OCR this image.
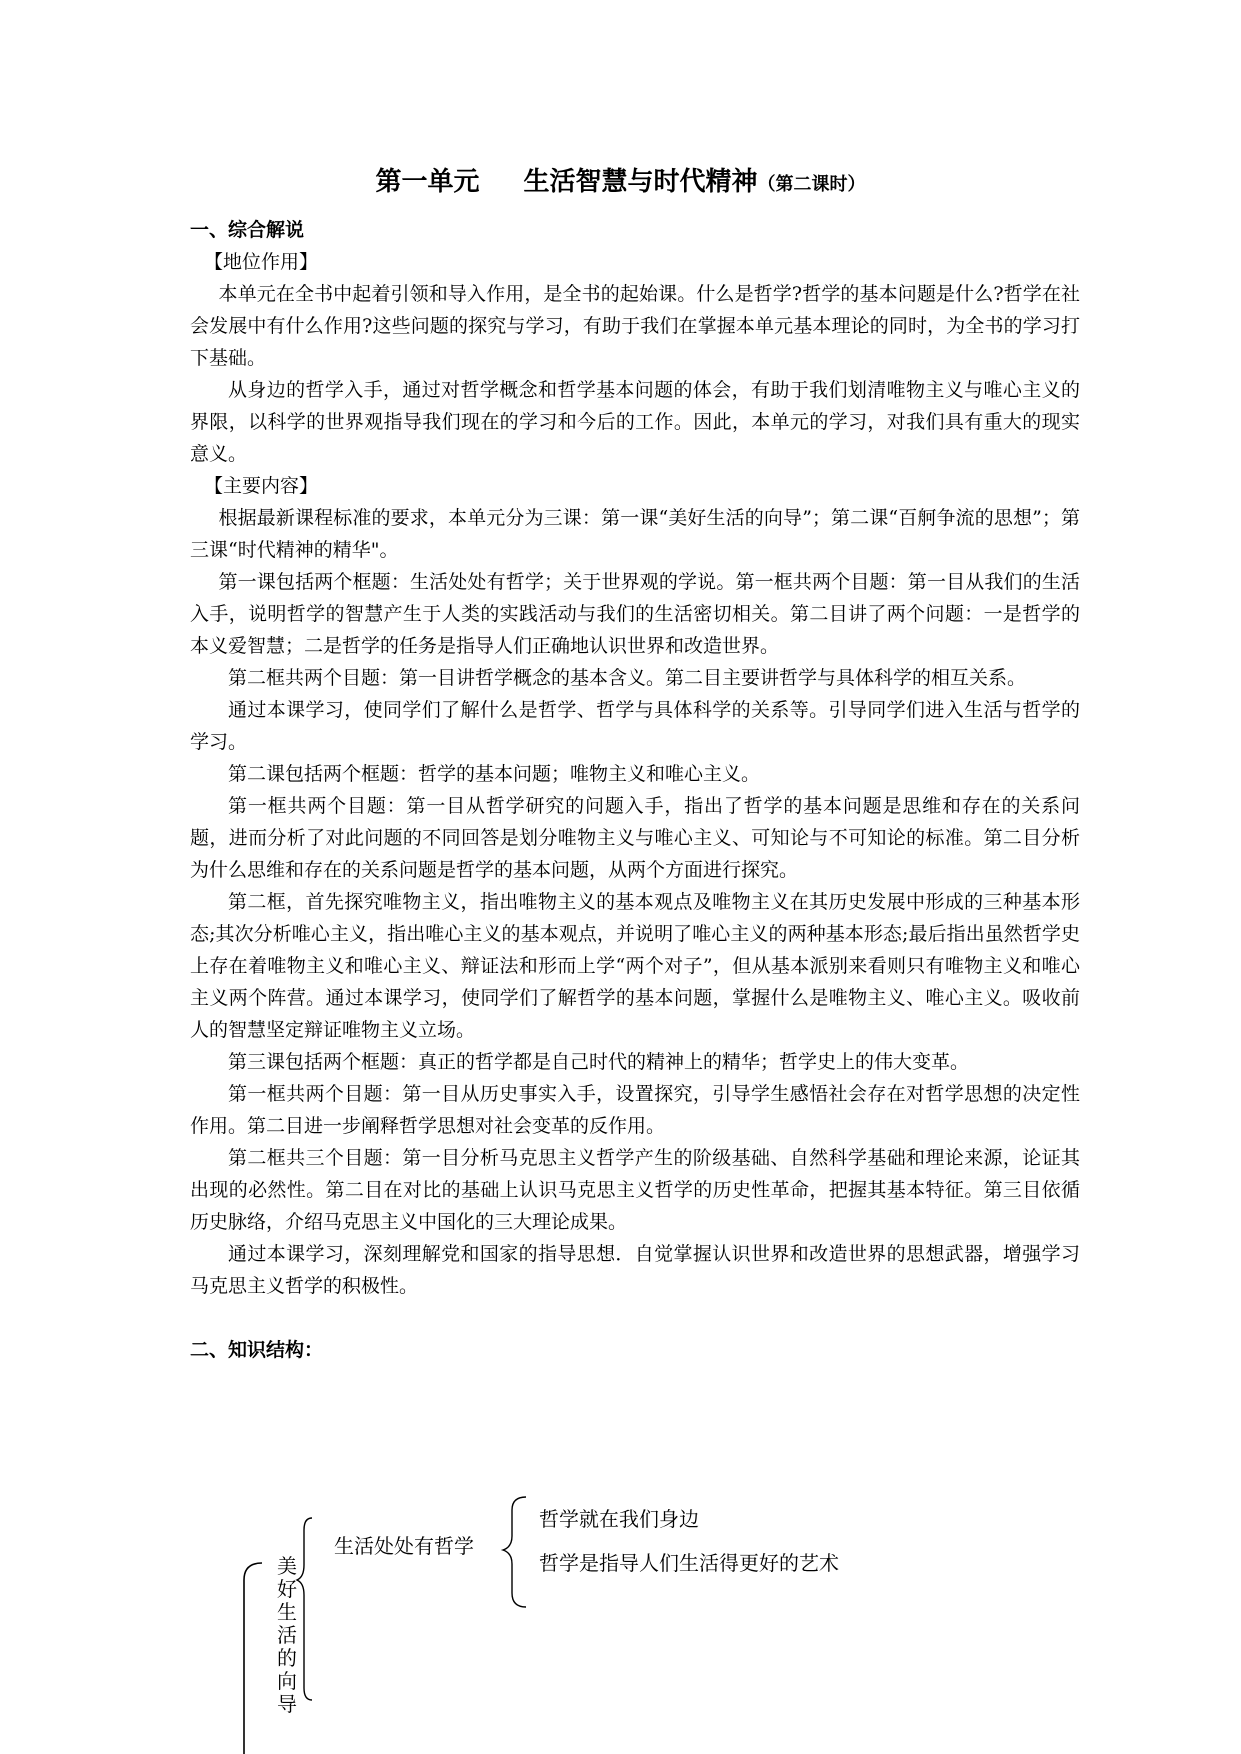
第一单元 生活智慧与时代精神（第二课时）
一、综合解说
【地位作用】

本单元在全书中起着引领和导入作用，是全书的起始课。什么是哲学?哲学的基本问题是什么?哲学在社会发展中有什么作用?这些问题的探究与学习，有助于我们在掌握本单元基本理论的同时，为全书的学习打下基础。

从身边的哲学入手，通过对哲学概念和哲学基本问题的体会，有助于我们划清唯物主义与唯心主义的界限，以科学的世界观指导我们现在的学习和今后的工作。因此，本单元的学习，对我们具有重大的现实意义。

【主要内容】

根据最新课程标准的要求，本单元分为三课：第一课“美好生活的向导”；第二课“百舸争流的思想”；第三课“时代精神的精华"。

第一课包括两个框题：生活处处有哲学；关于世界观的学说。第一框共两个目题：第一目从我们的生活入手，说明哲学的智慧产生于人类的实践活动与我们的生活密切相关。第二目讲了两个问题：一是哲学的本义爱智慧；二是哲学的任务是指导人们正确地认识世界和改造世界。

第二框共两个目题：第一目讲哲学概念的基本含义。第二目主要讲哲学与具体科学的相互关系。

通过本课学习，使同学们了解什么是哲学、哲学与具体科学的关系等。引导同学们进入生活与哲学的学习。

第二课包括两个框题：哲学的基本问题；唯物主义和唯心主义。

第一框共两个目题：第一目从哲学研究的问题入手，指出了哲学的基本问题是思维和存在的关系问题，进而分析了对此问题的不同回答是划分唯物主义与唯心主义、可知论与不可知论的标准。第二目分析为什么思维和存在的关系问题是哲学的基本问题，从两个方面进行探究。

第二框，首先探究唯物主义，指出唯物主义的基本观点及唯物主义在其历史发展中形成的三种基本形态;其次分析唯心主义，指出唯心主义的基本观点，并说明了唯心主义的两种基本形态;最后指出虽然哲学史上存在着唯物主义和唯心主义、辩证法和形而上学“两个对子”，但从基本派别来看则只有唯物主义和唯心主义两个阵营。通过本课学习，使同学们了解哲学的基本问题，掌握什么是唯物主义、唯心主义。吸收前人的智慧坚定辩证唯物主义立场。

第三课包括两个框题：真正的哲学都是自己时代的精神上的精华；哲学史上的伟大变革。

第一框共两个目题：第一目从历史事实入手，设置探究，引导学生感悟社会存在对哲学思想的决定性作用。第二目进一步阐释哲学思想对社会变革的反作用。

第二框共三个目题：第一目分析马克思主义哲学产生的阶级基础、自然科学基础和理论来源，论证其出现的必然性。第二目在对比的基础上认识马克思主义哲学的历史性革命，把握其基本特征。第三目依循历史脉络，介绍马克思主义中国化的三大理论成果。

通过本课学习，深刻理解党和国家的指导思想．自觉掌握认识世界和改造世界的思想武器，增强学习马克思主义哲学的积极性。

二、知识结构：
生活处处有哲学
哲学就在我们身边
哲学是指导人们生活得更好的艺术
美好生活的向导
